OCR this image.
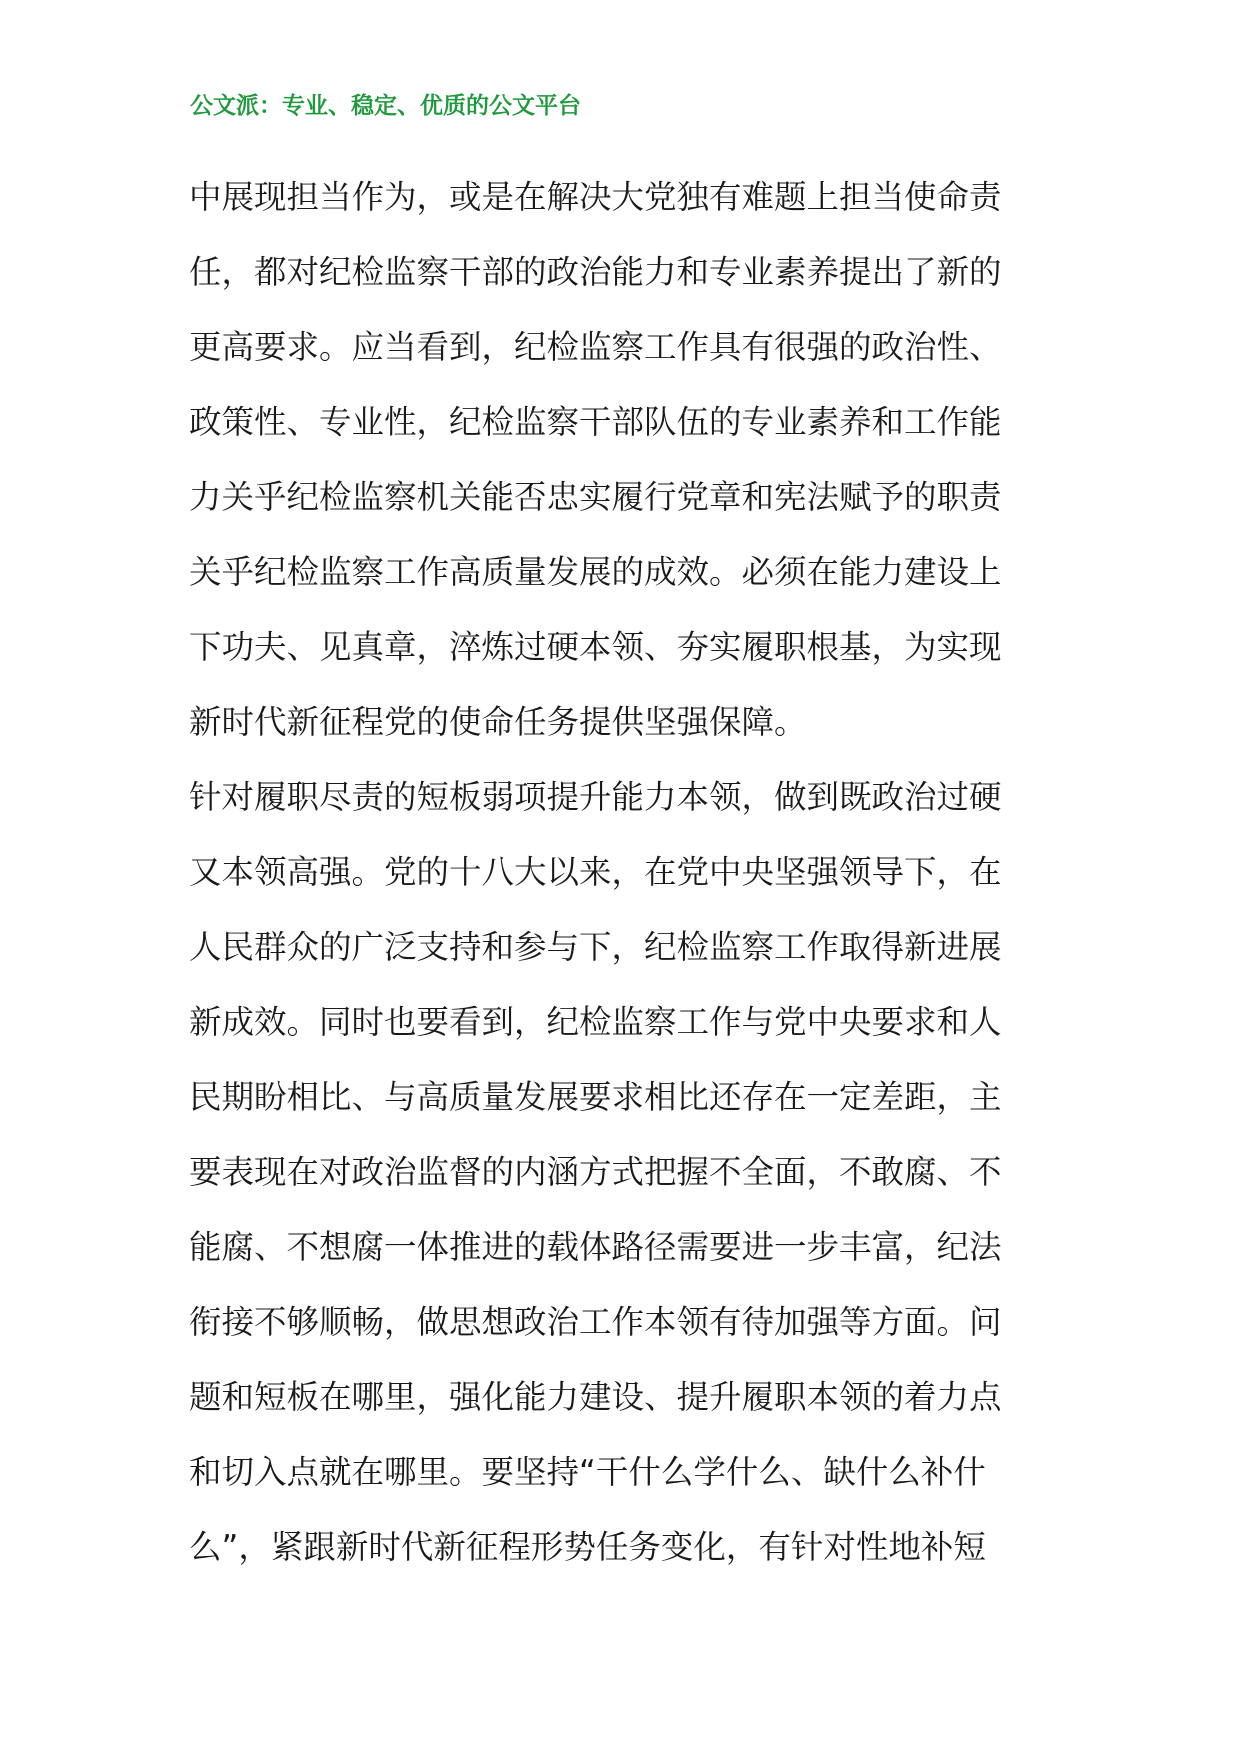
公文派：专业、稳定、优质的公文平台
中展现担当作为，或是在解决大党独有难题上担当使命责
任，都对纪检监察干部的政治能力和专业素养提出了新的
更高要求。应当看到，纪检监察工作具有很强的政治性、
政策性、专业性，纪检监察干部队伍的专业素养和工作能
力关乎纪检监察机关能否忠实履行党章和宪法赋予的职责
关乎纪检监察工作高质量发展的成效。必须在能力建设上
下功夫、见真章，淬炼过硬本领、夯实履职根基，为实现
新时代新征程党的使命任务提供坚强保障。
针对履职尽责的短板弱项提升能力本领，做到既政治过硬
又本领高强。党的十八大以来，在党中央坚强领导下，在
人民群众的广泛支持和参与下，纪检监察工作取得新进展
新成效。同时也要看到，纪检监察工作与党中央要求和人
民期盼相比、与高质量发展要求相比还存在一定差距，主
要表现在对政治监督的内涵方式把握不全面，不敢腐、不
能腐、不想腐一体推进的载体路径需要进一步丰富，纪法
衔接不够顺畅，做思想政治工作本领有待加强等方面。问
题和短板在哪里，强化能力建设、提升履职本领的着力点
和切入点就在哪里。要坚持“干什么学什么、缺什么补什
么”，紧跟新时代新征程形势任务变化，有针对性地补短
